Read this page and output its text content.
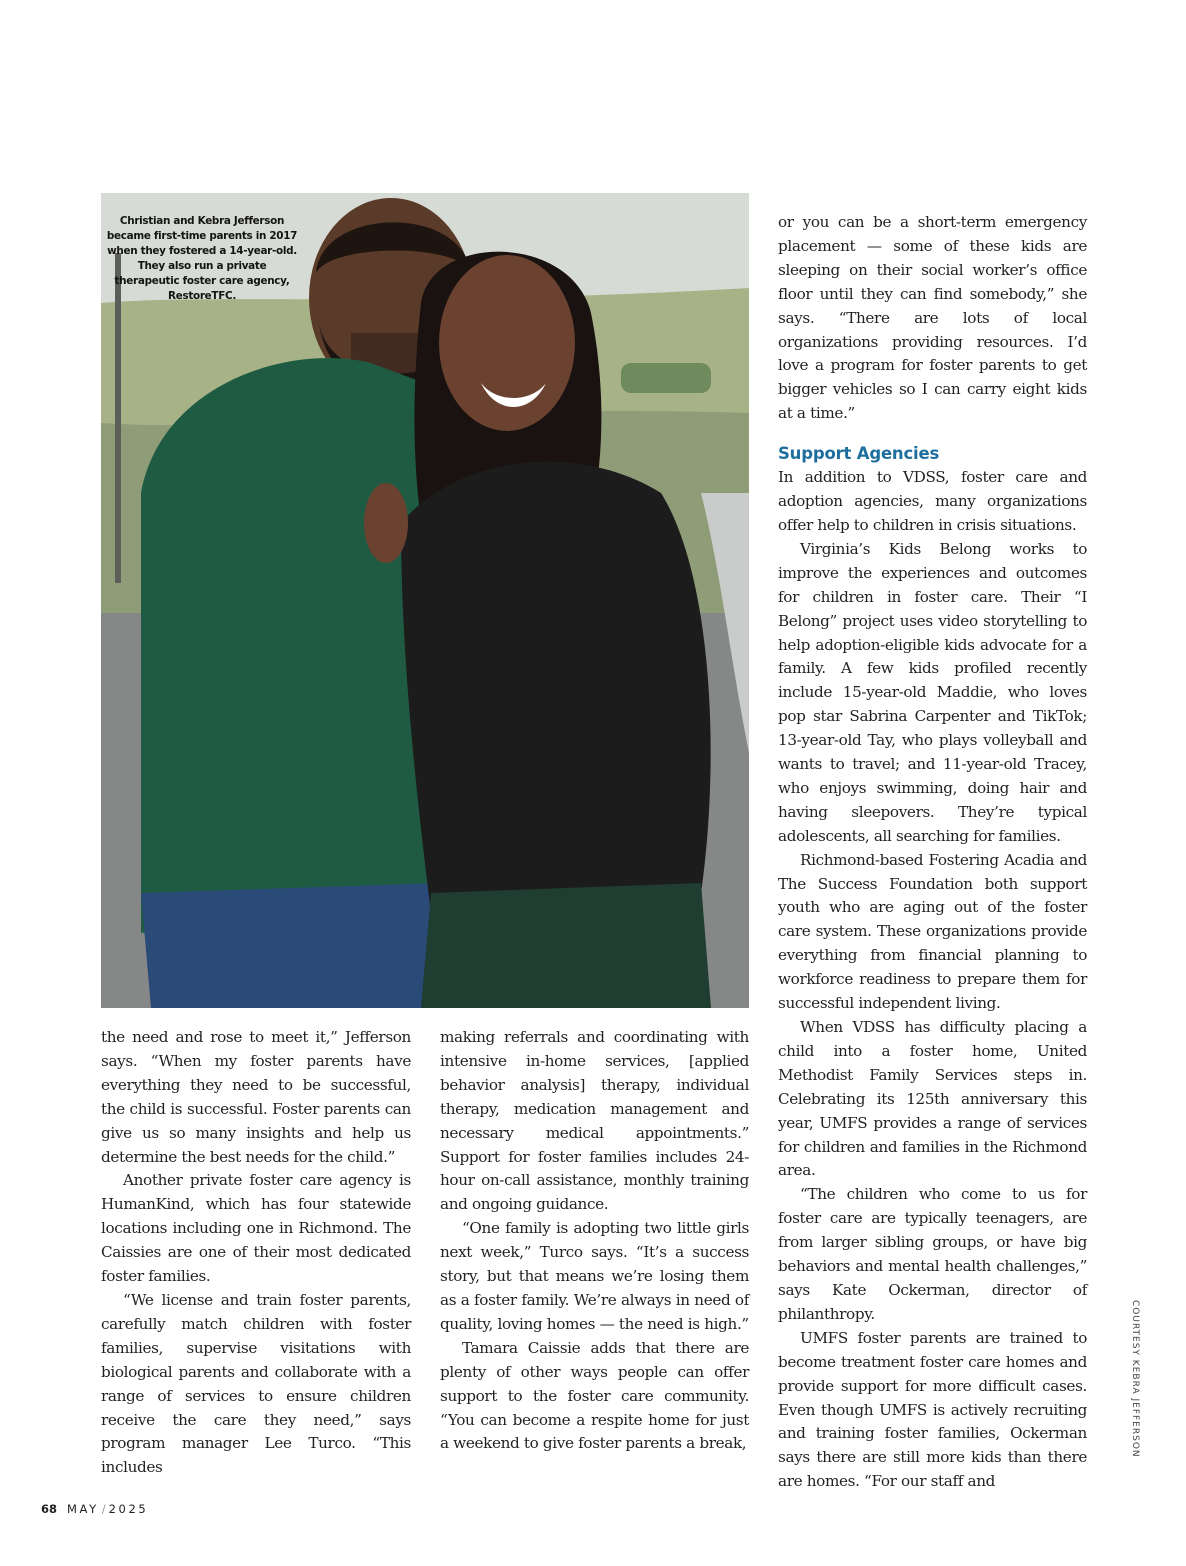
Christian and Kebra Jefferson became first-time parents in 2017 when they fostered a 14-year-old. They also run a private therapeutic foster care agency, RestoreTFC.

the need and rose to meet it,” Jefferson says. “When my foster parents have everything they need to be successful, the child is successful. Foster parents can give us so many insights and help us determine the best needs for the child.”

Another private foster care agency is HumanKind, which has four statewide locations including one in Richmond. The Caissies are one of their most dedicated foster families.

“We license and train foster parents, carefully match children with foster families, supervise visitations with biological parents and collaborate with a range of services to ensure children receive the care they need,” says program manager Lee Turco. “This includes

making referrals and coordinating with intensive in-home services, [applied behavior analysis] therapy, individual therapy, medication management and necessary medical appointments.” Support for foster families includes 24-hour on-call assistance, monthly training and ongoing guidance.

“One family is adopting two little girls next week,” Turco says. “It’s a success story, but that means we’re losing them as a foster family. We’re always in need of quality, loving homes — the need is high.”

Tamara Caissie adds that there are plenty of other ways people can offer support to the foster care community. “You can become a respite home for just a weekend to give foster parents a break,

or you can be a short-term emergency placement — some of these kids are sleeping on their social worker’s office floor until they can find somebody,” she says. “There are lots of local organizations providing resources. I’d love a program for foster parents to get bigger vehicles so I can carry eight kids at a time.”

Support Agencies

In addition to VDSS, foster care and adoption agencies, many organizations offer help to children in crisis situations.

Virginia’s Kids Belong works to improve the experiences and outcomes for children in foster care. Their “I Belong” project uses video storytelling to help adoption-eligible kids advocate for a family. A few kids profiled recently include 15-year-old Maddie, who loves pop star Sabrina Carpenter and TikTok; 13-year-old Tay, who plays volleyball and wants to travel; and 11-year-old Tracey, who enjoys swimming, doing hair and having sleepovers. They’re typical adolescents, all searching for families.

Richmond-based Fostering Acadia and The Success Foundation both support youth who are aging out of the foster care system. These organizations provide everything from financial planning to workforce readiness to prepare them for successful independent living.

When VDSS has difficulty placing a child into a foster home, United Methodist Family Services steps in. Celebrating its 125th anniversary this year, UMFS provides a range of services for children and families in the Richmond area.

“The children who come to us for foster care are typically teenagers, are from larger sibling groups, or have big behaviors and mental health challenges,” says Kate Ockerman, director of philanthropy.

UMFS foster parents are trained to become treatment foster care homes and provide support for more difficult cases. Even though UMFS is actively recruiting and training foster families, Ockerman says there are still more kids than there are homes. “For our staff and

COURTESY KEBRA JEFFERSON
68 MAY / 2025
